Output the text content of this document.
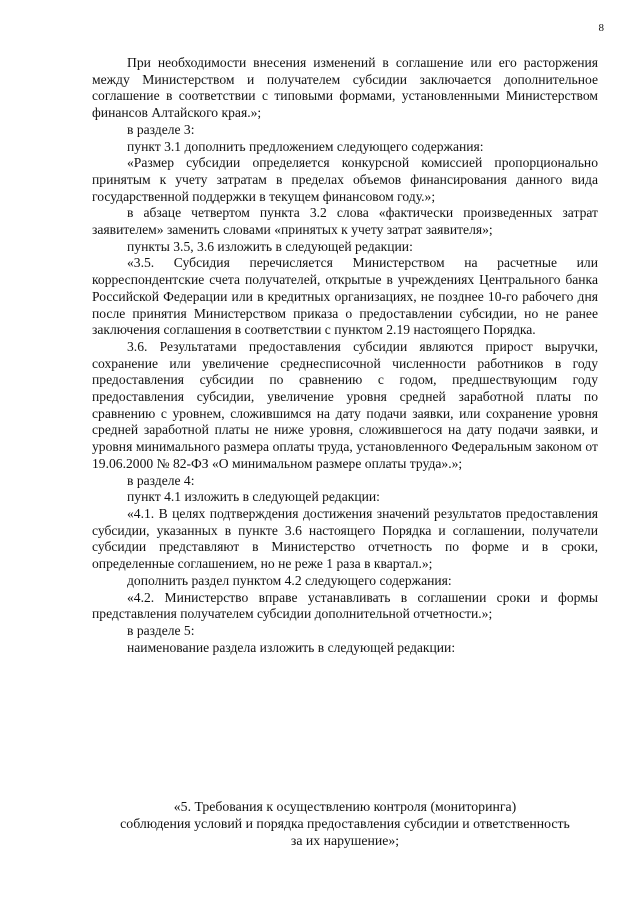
8

При необходимости внесения изменений в соглашение или его расторжения между Министерством и получателем субсидии заключается дополнительное соглашение в соответствии с типовыми формами, установленными Министерством финансов Алтайского края.»;

в разделе 3:

пункт 3.1 дополнить предложением следующего содержания:

«Размер субсидии определяется конкурсной комиссией пропорционально принятым к учету затратам в пределах объемов финансирования данного вида государственной поддержки в текущем финансовом году.»;

в абзаце четвертом пункта 3.2 слова «фактически произведенных затрат заявителем» заменить словами «принятых к учету затрат заявителя»;

пункты 3.5, 3.6 изложить в следующей редакции:

«3.5. Субсидия перечисляется Министерством на расчетные или корреспондентские счета получателей, открытые в учреждениях Центрального банка Российской Федерации или в кредитных организациях, не позднее 10-го рабочего дня после принятия Министерством приказа о предоставлении субсидии, но не ранее заключения соглашения в соответствии с пунктом 2.19 настоящего Порядка.

3.6. Результатами предоставления субсидии являются прирост выручки, сохранение или увеличение среднесписочной численности работников в году предоставления субсидии по сравнению с годом, предшествующим году предоставления субсидии, увеличение уровня средней заработной платы по сравнению с уровнем, сложившимся на дату подачи заявки, или сохранение уровня средней заработной платы не ниже уровня, сложившегося на дату подачи заявки, и уровня минимального размера оплаты труда, установленного Федеральным законом от 19.06.2000 № 82-ФЗ «О минимальном размере оплаты труда».»;

в разделе 4:

пункт 4.1 изложить в следующей редакции:

«4.1. В целях подтверждения достижения значений результатов предоставления субсидии, указанных в пункте 3.6 настоящего Порядка и соглашении, получатели субсидии представляют в Министерство отчетность по форме и в сроки, определенные соглашением, но не реже 1 раза в квартал.»;

дополнить раздел пунктом 4.2 следующего содержания:

«4.2. Министерство вправе устанавливать в соглашении сроки и формы представления получателем субсидии дополнительной отчетности.»;

в разделе 5:

наименование раздела изложить в следующей редакции:

«5. Требования к осуществлению контроля (мониторинга)
соблюдения условий и порядка предоставления субсидии и ответственность
за их нарушение»;
